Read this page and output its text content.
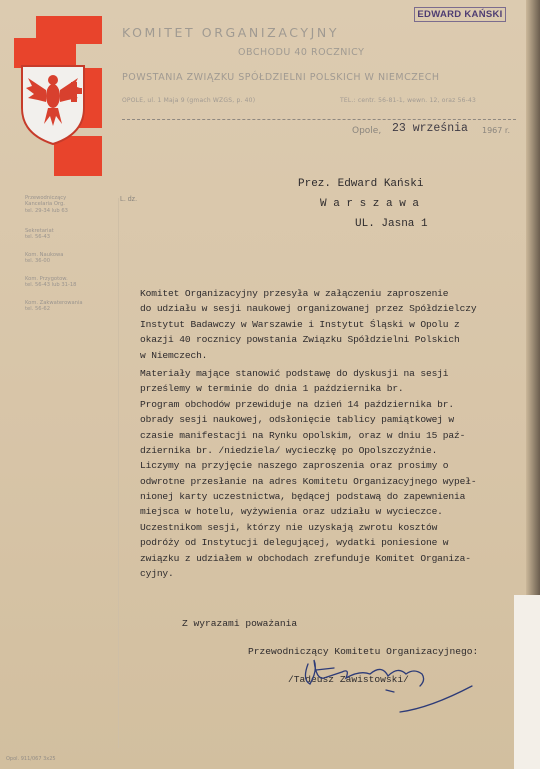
EDWARD KAŃSKI
KOMITET ORGANIZACYJNY
OBCHODU 40 ROCZNICY
POWSTANIA ZWIĄZKU SPÓŁDZIELNI POLSKICH W NIEMCZECH
OPOLE, ul. 1 Maja 9 (gmach WZGS, p. 40)	TEL.: centr. 56-81-1, wewn. 12, oraz 56-43
Opole, 23 września 1967 r.
Przewodniczący
Kancelaria Org.
tel. 29-34 lub 63
Sekretariat
tel. 56-43
Kom. Naukowa
tel. 36-00
Kom. Przygotow.
tel. 56-43 lub 31-18
Kom. Zakwaterowania
tel. 56-62
L. dz.
Prez. Edward Kański
W a r s z a w a
UL. Jasna 1
Komitet Organizacyjny przesyła w załączeniu zaproszenie
do udziału w sesji naukowej organizowanej przez Spółdzielczy
Instytut Badawczy w Warszawie i Instytut Śląski w Opolu z
okazji 40 rocznicy powstania Związku Spółdzielni Polskich
w Niemczech.
Materiały mające stanowić podstawę do dyskusji na sesji
prześlemy w terminie do dnia 1 października br.
Program obchodów przewiduje na dzień 14 października br.
obrady sesji naukowej, odsłonięcie tablicy pamiątkowej w
czasie manifestacji na Rynku opolskim, oraz w dniu 15 paź-
dziernika br. /niedziela/ wycieczkę po Opolszczyźnie.
Liczymy na przyjęcie naszego zaproszenia oraz prosimy o
odwrotne przesłanie na adres Komitetu Organizacyjnego wypeł-
nionej karty uczestnictwa, będącej podstawą do zapewnienia
miejsca w hotelu, wyżywienia oraz udziału w wycieczce.
Uczestnikom sesji, którzy nie uzyskają zwrotu kosztów
podróży od Instytucji delegującej, wydatki poniesione w
związku z udziałem w obchodach zrefunduje Komitet Organiza-
cyjny.
Z wyrazami poważania
Przewodniczący Komitetu Organizacyjnego:
/Tadeusz Zawistowski/
Opol. 911/067 3x25
